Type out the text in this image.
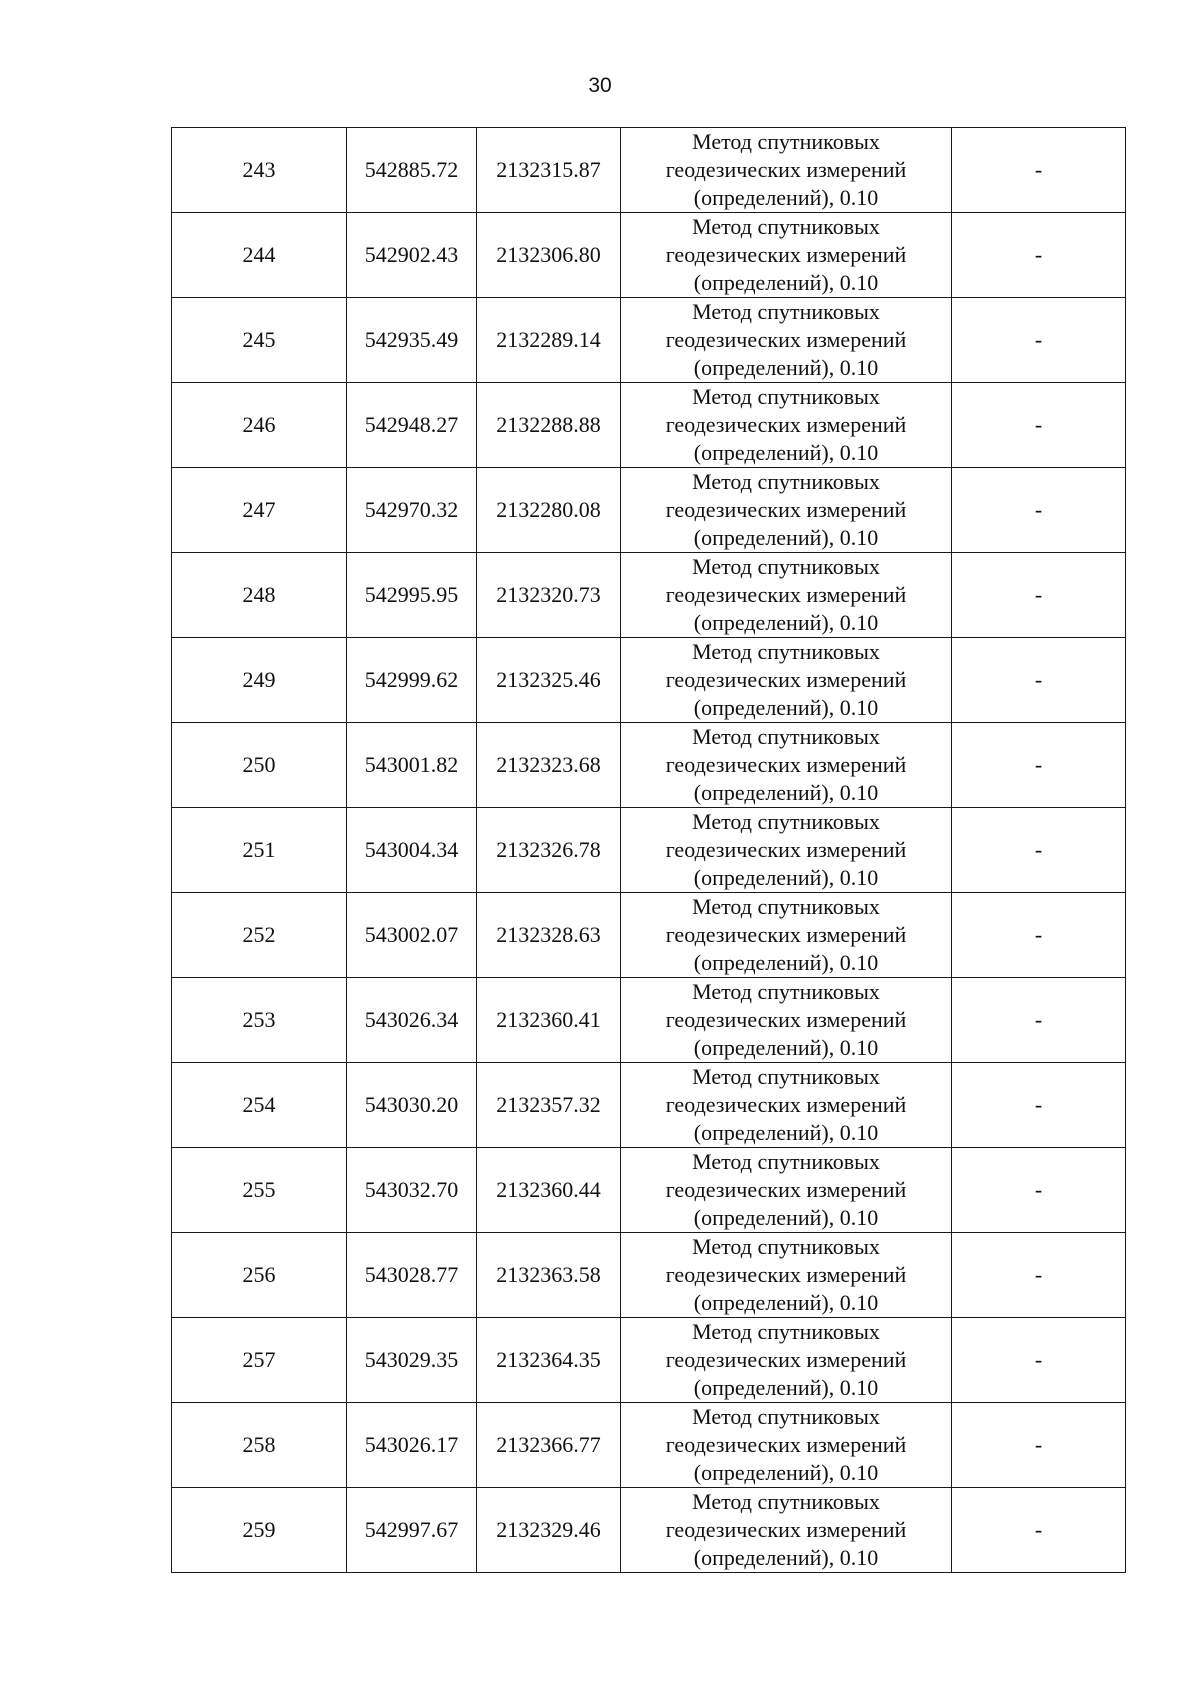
30
243	542885.72	2132315.87	Метод спутниковых
геодезических измерений
(определений), 0.10	-
244	542902.43	2132306.80	Метод спутниковых
геодезических измерений
(определений), 0.10	-
245	542935.49	2132289.14	Метод спутниковых
геодезических измерений
(определений), 0.10	-
246	542948.27	2132288.88	Метод спутниковых
геодезических измерений
(определений), 0.10	-
247	542970.32	2132280.08	Метод спутниковых
геодезических измерений
(определений), 0.10	-
248	542995.95	2132320.73	Метод спутниковых
геодезических измерений
(определений), 0.10	-
249	542999.62	2132325.46	Метод спутниковых
геодезических измерений
(определений), 0.10	-
250	543001.82	2132323.68	Метод спутниковых
геодезических измерений
(определений), 0.10	-
251	543004.34	2132326.78	Метод спутниковых
геодезических измерений
(определений), 0.10	-
252	543002.07	2132328.63	Метод спутниковых
геодезических измерений
(определений), 0.10	-
253	543026.34	2132360.41	Метод спутниковых
геодезических измерений
(определений), 0.10	-
254	543030.20	2132357.32	Метод спутниковых
геодезических измерений
(определений), 0.10	-
255	543032.70	2132360.44	Метод спутниковых
геодезических измерений
(определений), 0.10	-
256	543028.77	2132363.58	Метод спутниковых
геодезических измерений
(определений), 0.10	-
257	543029.35	2132364.35	Метод спутниковых
геодезических измерений
(определений), 0.10	-
258	543026.17	2132366.77	Метод спутниковых
геодезических измерений
(определений), 0.10	-
259	542997.67	2132329.46	Метод спутниковых
геодезических измерений
(определений), 0.10	-
